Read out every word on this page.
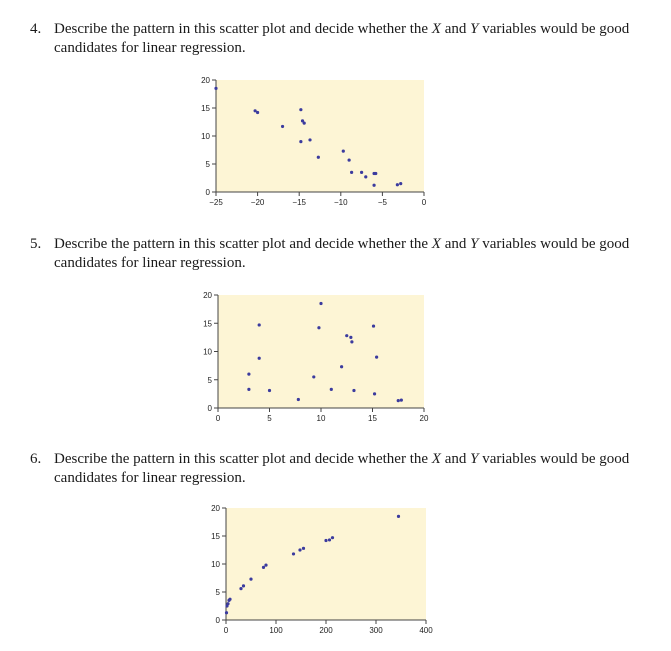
4. Describe the pattern in this scatter plot and decide whether the X and Y variables would be good candidates for linear regression.
0
5
10
15
20
−25	−20	−15	−10	−5	0
5. Describe the pattern in this scatter plot and decide whether the X and Y variables would be good candidates for linear regression.
0
5
10
15
20
0	5	10	15	20
6. Describe the pattern in this scatter plot and decide whether the X and Y variables would be good candidates for linear regression.
0
5
10
15
20
0	100	200	300	400
